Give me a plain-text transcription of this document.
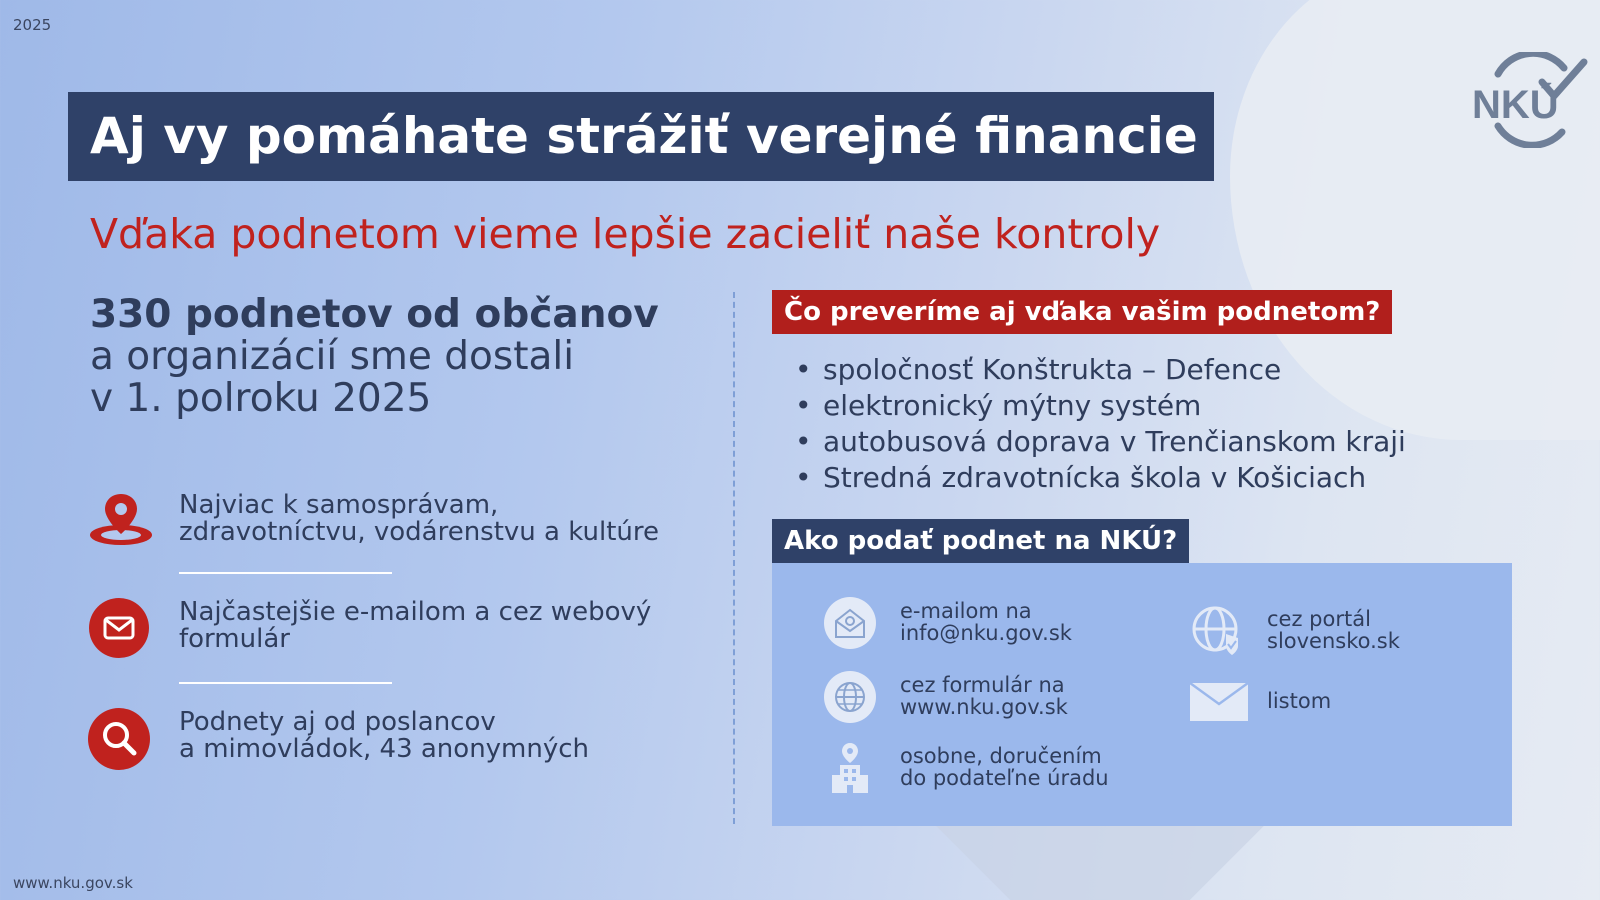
2025
NKÚ
Aj vy pomáhate strážiť verejné financie
Vďaka podnetom vieme lepšie zacieliť naše kontroly
330 podnetov od občanov
a organizácií sme dostali
v 1. polroku 2025
Najviac k samosprávam,
zdravotníctvu, vodárenstvu a kultúre
Najčastejšie e-mailom a cez webový
formulár
Podnety aj od poslancov
a mimovládok, 43 anonymných
Čo preveríme aj vďaka vašim podnetom?
• spoločnosť Konštrukta – Defence
• elektronický mýtny systém
• autobusová doprava v Trenčianskom kraji
• Stredná zdravotnícka škola v Košiciach
Ako podať podnet na NKÚ?
e-mailom na
info@nku.gov.sk
cez formulár na
www.nku.gov.sk
osobne, doručením
do podateľne úradu
cez portál
slovensko.sk
listom
www.nku.gov.sk
